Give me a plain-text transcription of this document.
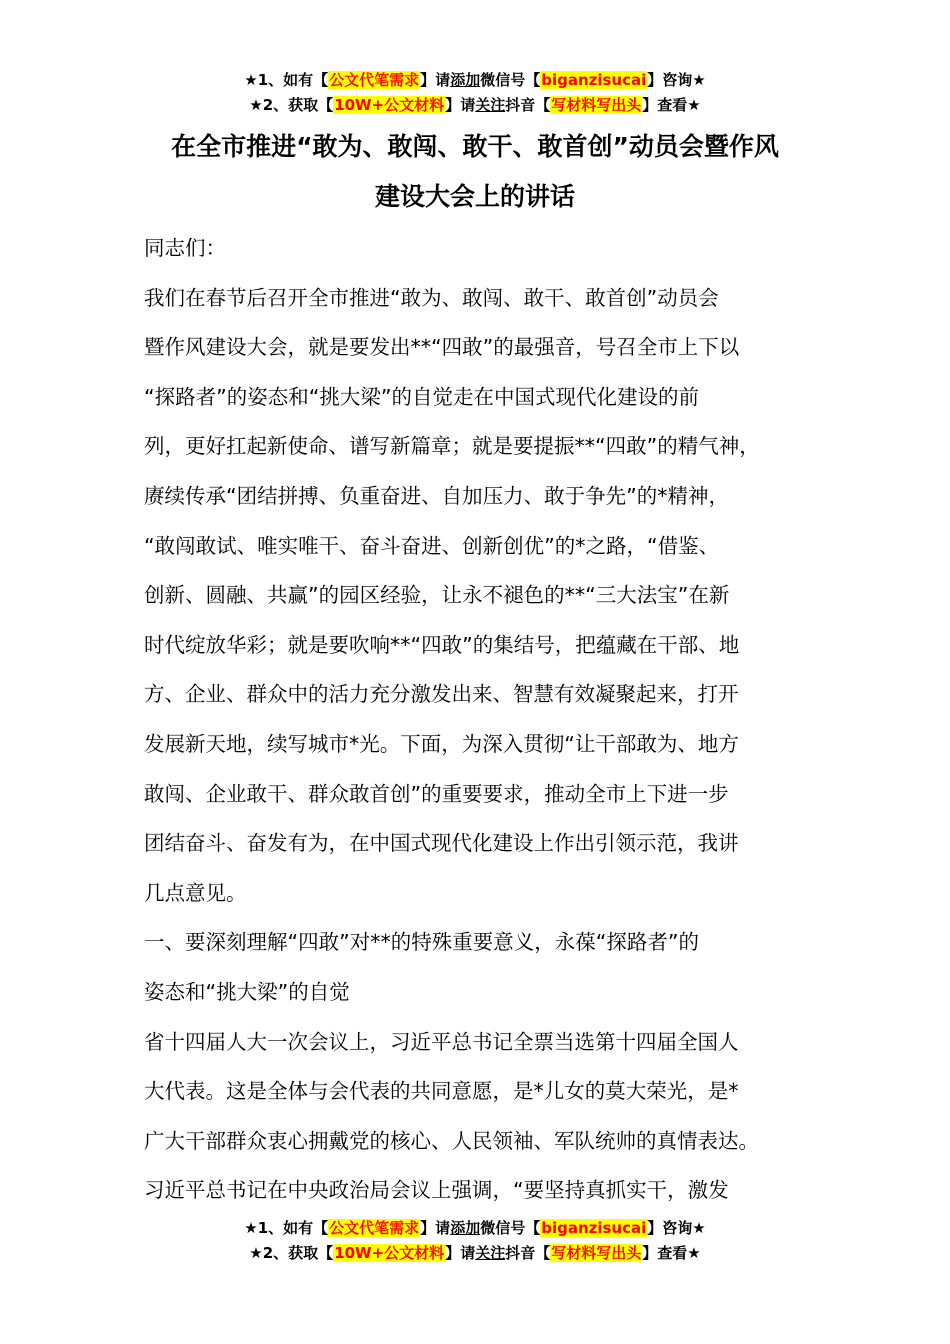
★1、如有【公文代笔需求】请添加微信号【biganzisucai】咨询★
★2、获取【10W+公文材料】请关注抖音【写材料写出头】查看★
在全市推进“敢为、敢闯、敢干、敢首创”动员会暨作风
建设大会上的讲话

同志们：

我们在春节后召开全市推进“敢为、敢闯、敢干、敢首创”动员会

暨作风建设大会，就是要发出**“四敢”的最强音，号召全市上下以

“探路者”的姿态和“挑大梁”的自觉走在中国式现代化建设的前

列，更好扛起新使命、谱写新篇章；就是要提振**“四敢”的精气神，

赓续传承“团结拼搏、负重奋进、自加压力、敢于争先”的*精神，

“敢闯敢试、唯实唯干、奋斗奋进、创新创优”的*之路，“借鉴、

创新、圆融、共赢”的园区经验，让永不褪色的**“三大法宝”在新

时代绽放华彩；就是要吹响**“四敢”的集结号，把蕴藏在干部、地

方、企业、群众中的活力充分激发出来、智慧有效凝聚起来，打开

发展新天地，续写城市*光。下面，为深入贯彻“让干部敢为、地方

敢闯、企业敢干、群众敢首创”的重要要求，推动全市上下进一步

团结奋斗、奋发有为，在中国式现代化建设上作出引领示范，我讲

几点意见。

一、要深刻理解“四敢”对**的特殊重要意义，永葆“探路者”的

姿态和“挑大梁”的自觉

省十四届人大一次会议上，习近平总书记全票当选第十四届全国人

大代表。这是全体与会代表的共同意愿，是*儿女的莫大荣光，是*

广大干部群众衷心拥戴党的核心、人民领袖、军队统帅的真情表达。

习近平总书记在中央政治局会议上强调，“要坚持真抓实干，激发

★1、如有【公文代笔需求】请添加微信号【biganzisucai】咨询★
★2、获取【10W+公文材料】请关注抖音【写材料写出头】查看★
